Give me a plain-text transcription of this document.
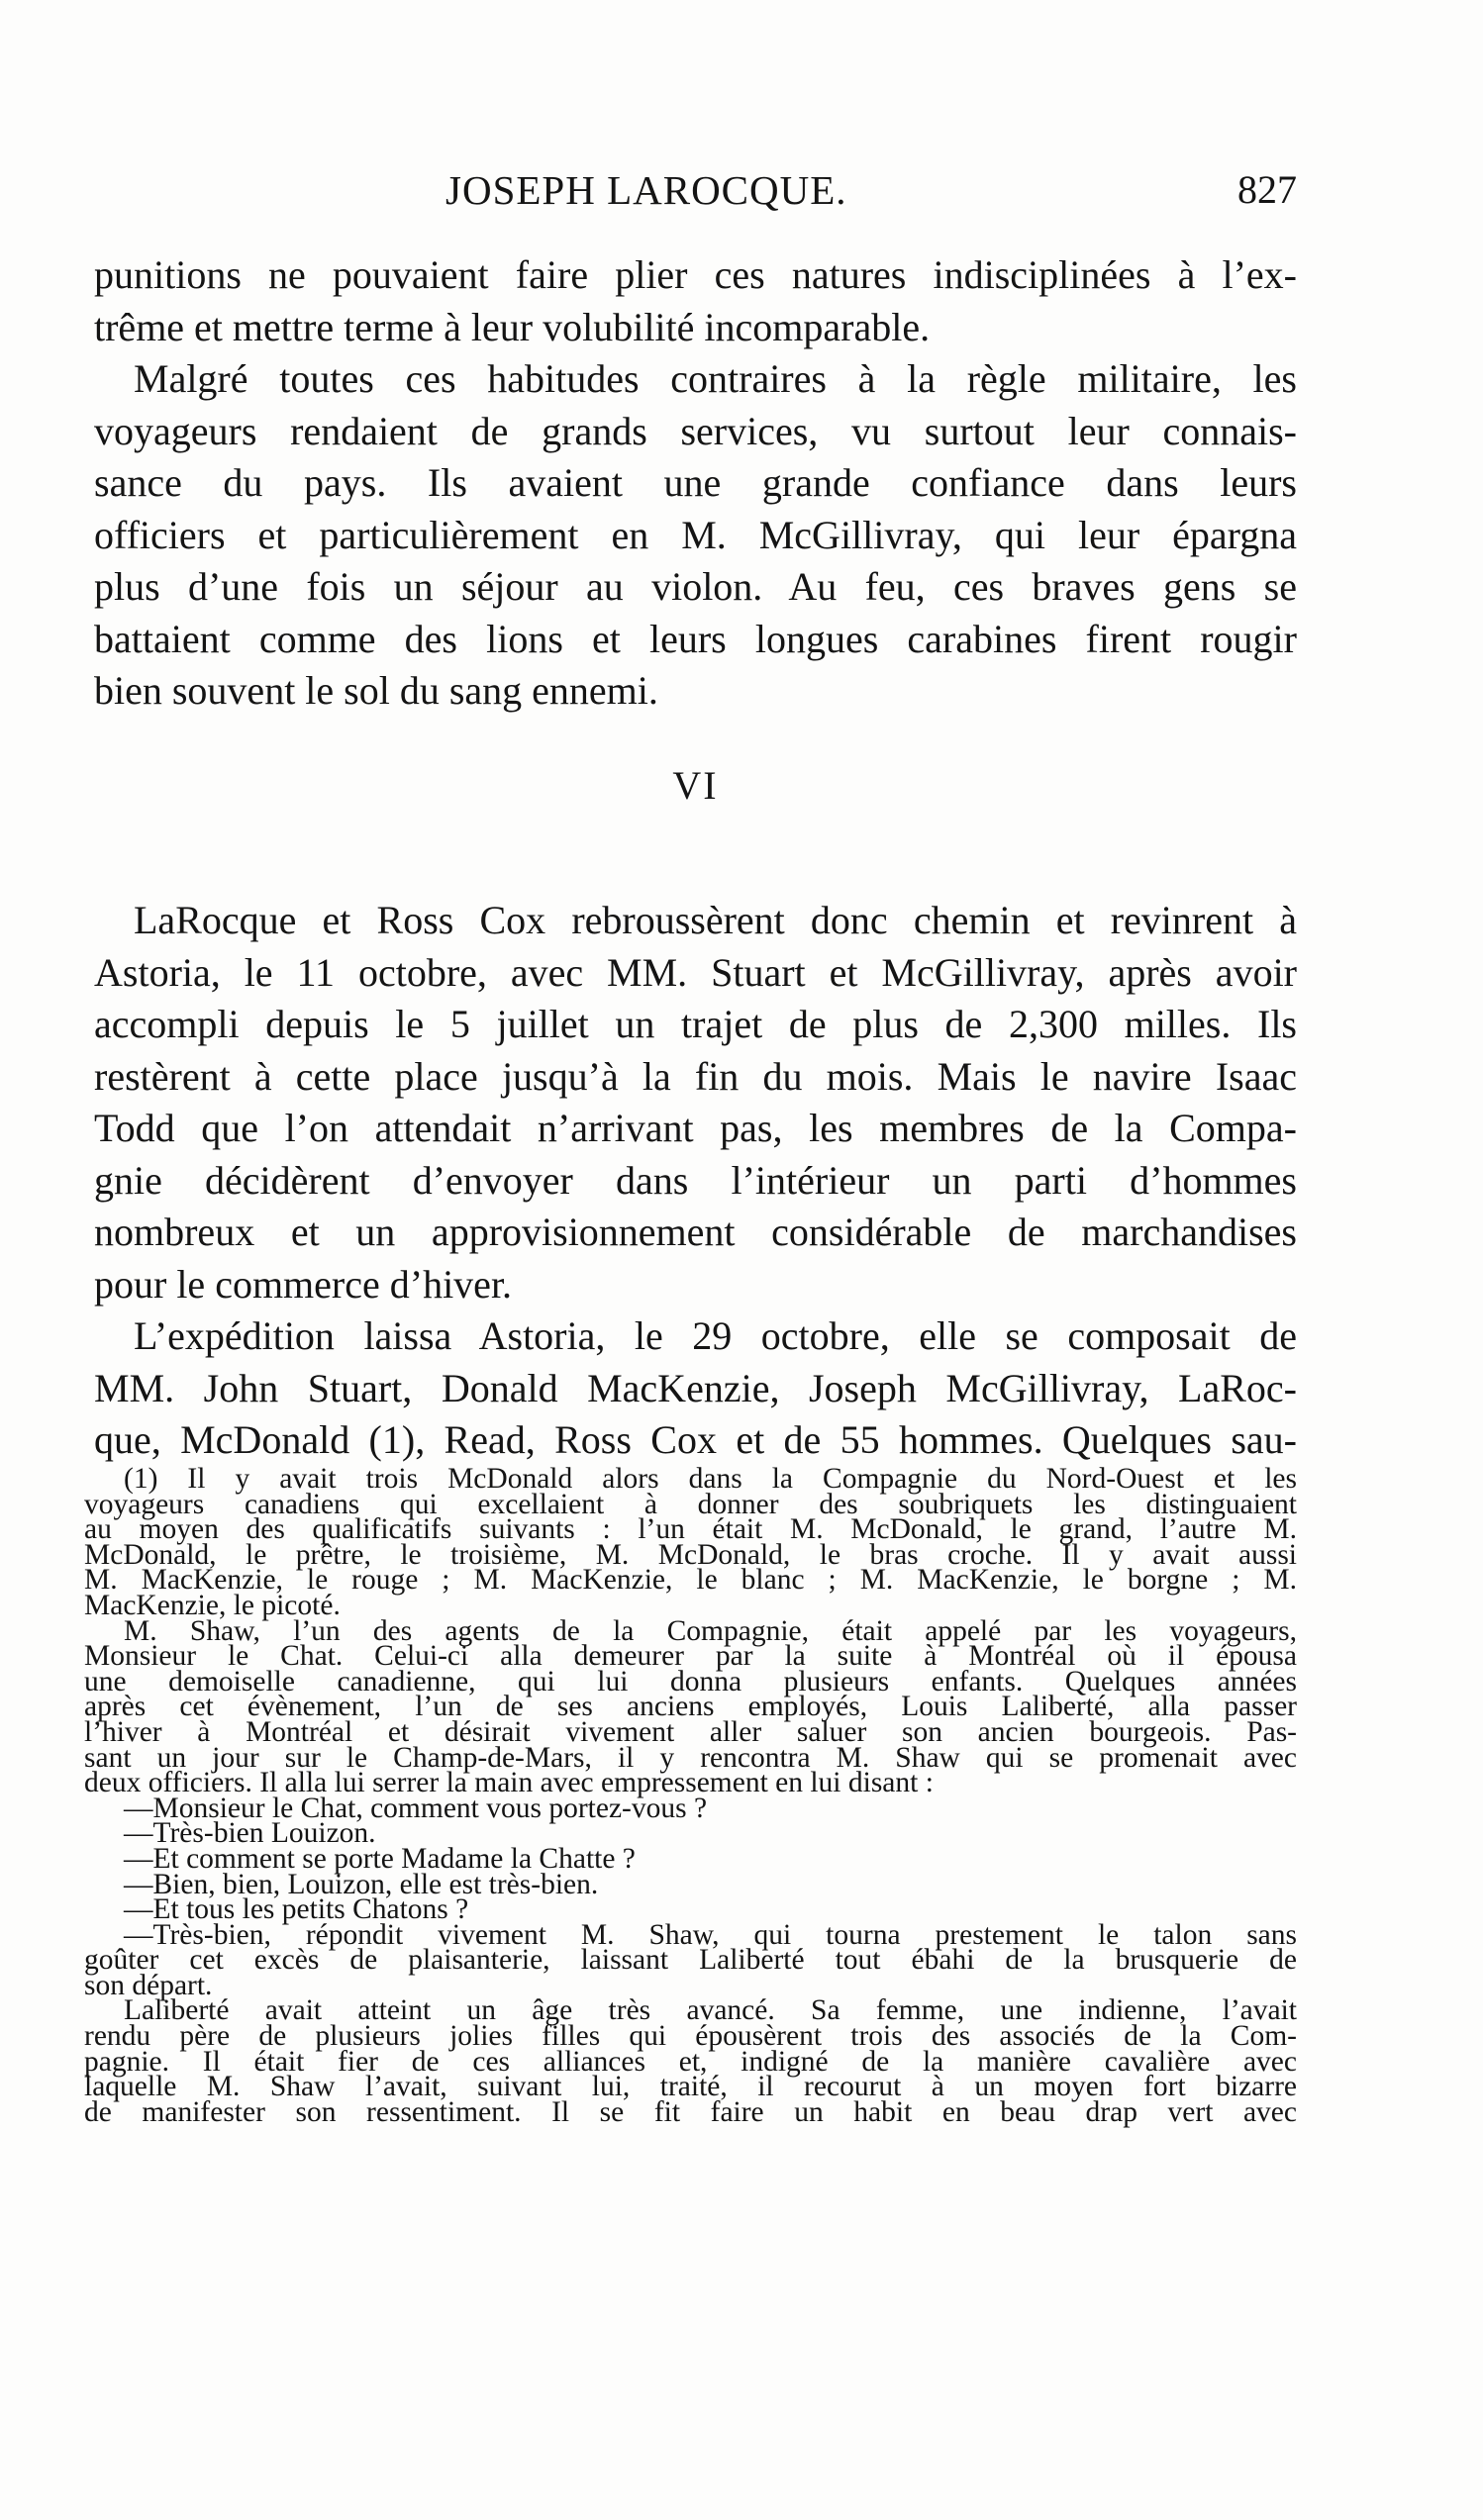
JOSEPH LAROCQUE.	827
punitions ne pouvaient faire plier ces natures indisciplinées à l’ex-
trême et mettre terme à leur volubilité incomparable.
Malgré toutes ces habitudes contraires à la règle militaire, les
voyageurs rendaient de grands services, vu surtout leur connais-
sance du pays. Ils avaient une grande confiance dans leurs
officiers et particulièrement en M. McGillivray, qui leur épargna
plus d’une fois un séjour au violon. Au feu, ces braves gens se
battaient comme des lions et leurs longues carabines firent rougir
bien souvent le sol du sang ennemi.
VI
LaRocque et Ross Cox rebroussèrent donc chemin et revinrent à
Astoria, le 11 octobre, avec MM. Stuart et McGillivray, après avoir
accompli depuis le 5 juillet un trajet de plus de 2,300 milles. Ils
restèrent à cette place jusqu’à la fin du mois. Mais le navire Isaac
Todd que l’on attendait n’arrivant pas, les membres de la Compa-
gnie décidèrent d’envoyer dans l’intérieur un parti d’hommes
nombreux et un approvisionnement considérable de marchandises
pour le commerce d’hiver.
L’expédition laissa Astoria, le 29 octobre, elle se composait de
MM. John Stuart, Donald MacKenzie, Joseph McGillivray, LaRoc-
que, McDonald (1), Read, Ross Cox et de 55 hommes. Quelques sau-
(1) Il y avait trois McDonald alors dans la Compagnie du Nord-Ouest et les
voyageurs canadiens qui excellaient à donner des soubriquets les distinguaient
au moyen des qualificatifs suivants : l’un était M. McDonald, le grand, l’autre M.
McDonald, le prêtre, le troisième, M. McDonald, le bras croche. Il y avait aussi
M. MacKenzie, le rouge ; M. MacKenzie, le blanc ; M. MacKenzie, le borgne ; M.
MacKenzie, le picoté.
M. Shaw, l’un des agents de la Compagnie, était appelé par les voyageurs,
Monsieur le Chat. Celui-ci alla demeurer par la suite à Montréal où il épousa
une demoiselle canadienne, qui lui donna plusieurs enfants. Quelques années
après cet évènement, l’un de ses anciens employés, Louis Laliberté, alla passer
l’hiver à Montréal et désirait vivement aller saluer son ancien bourgeois. Pas-
sant un jour sur le Champ-de-Mars, il y rencontra M. Shaw qui se promenait avec
deux officiers. Il alla lui serrer la main avec empressement en lui disant :
—Monsieur le Chat, comment vous portez-vous ?
—Très-bien Louizon.
—Et comment se porte Madame la Chatte ?
—Bien, bien, Louizon, elle est très-bien.
—Et tous les petits Chatons ?
—Très-bien, répondit vivement M. Shaw, qui tourna prestement le talon sans
goûter cet excès de plaisanterie, laissant Laliberté tout ébahi de la brusquerie de
son départ.
Laliberté avait atteint un âge très avancé. Sa femme, une indienne, l’avait
rendu père de plusieurs jolies filles qui épousèrent trois des associés de la Com-
pagnie. Il était fier de ces alliances et, indigné de la manière cavalière avec
laquelle M. Shaw l’avait, suivant lui, traité, il recourut à un moyen fort bizarre
de manifester son ressentiment. Il se fit faire un habit en beau drap vert avec
